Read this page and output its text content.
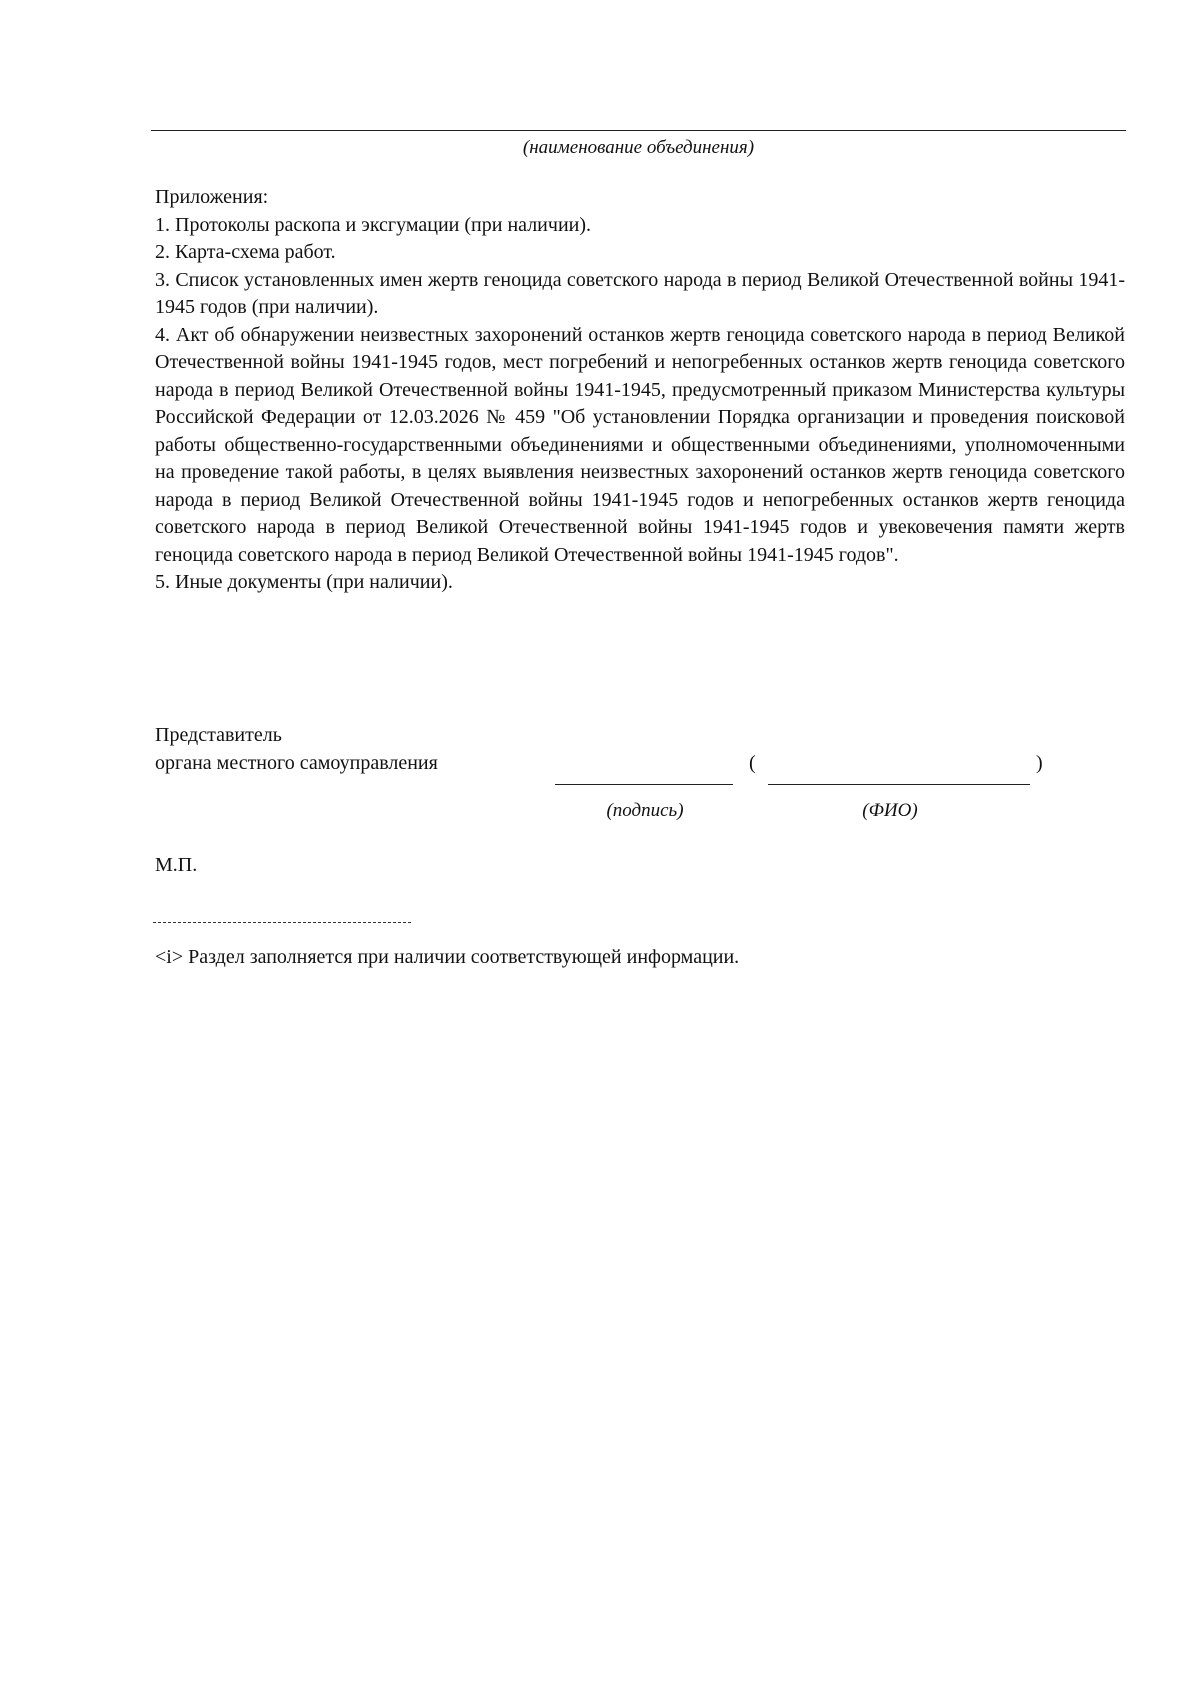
(наименование объединения)

Приложения:

1. Протоколы раскопа и эксгумации (при наличии).

2. Карта-схема работ.

3. Список установленных имен жертв геноцида советского народа в период Великой Отечественной войны 1941-1945 годов (при наличии).

4. Акт об обнаружении неизвестных захоронений останков жертв геноцида советского народа в период Великой Отечественной войны 1941-1945 годов, мест погребений и непогребенных останков жертв геноцида советского народа в период Великой Отечественной войны 1941-1945, предусмотренный приказом Министерства культуры Российской Федерации от 12.03.2026 № 459 "Об установлении Порядка организации и проведения поисковой работы общественно-государственными объединениями и общественными объединениями, уполномоченными на проведение такой работы, в целях выявления неизвестных захоронений останков жертв геноцида советского народа в период Великой Отечественной войны 1941-1945 годов и непогребенных останков жертв геноцида советского народа в период Великой Отечественной войны 1941-1945 годов и увековечения памяти жертв геноцида советского народа в период Великой Отечественной войны 1941-1945 годов".

5. Иные документы (при наличии).

Представитель
органа местного самоуправления	(	)
(подпись)	(ФИО)
М.П.
<i> Раздел заполняется при наличии соответствующей информации.
